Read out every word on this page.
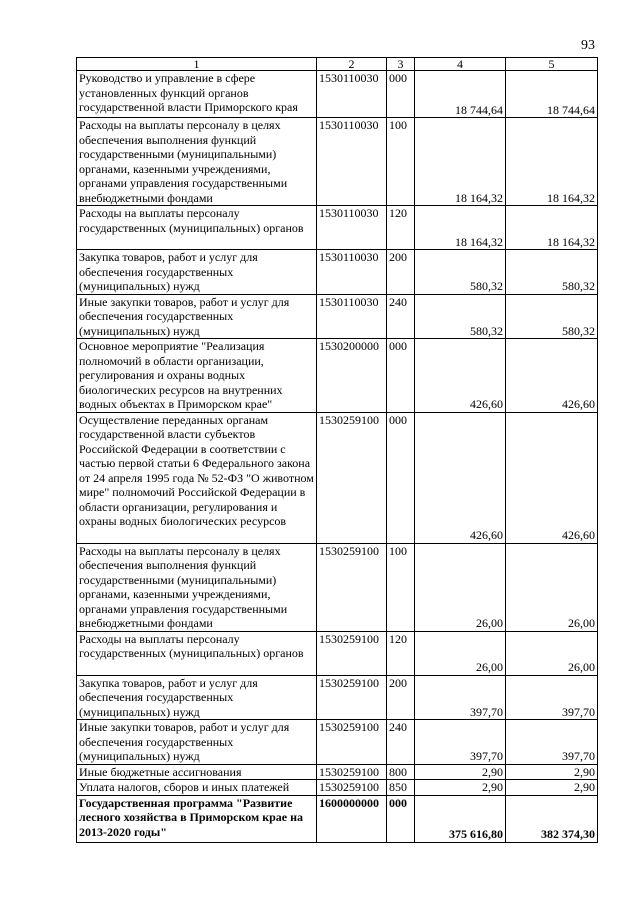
93
1	2	3	4	5
Руководство и управление в сфере установленных функций органов государственной власти Приморского края	1530110030	000	18 744,64	18 744,64
Расходы на выплаты персоналу в целях обеспечения выполнения функций государственными (муниципальными) органами, казенными учреждениями, органами управления государственными внебюджетными фондами	1530110030	100	18 164,32	18 164,32
Расходы на выплаты персоналу государственных (муниципальных) органов	1530110030	120	18 164,32	18 164,32
Закупка товаров, работ и услуг для обеспечения государственных (муниципальных) нужд	1530110030	200	580,32	580,32
Иные закупки товаров, работ и услуг для обеспечения государственных (муниципальных) нужд	1530110030	240	580,32	580,32
Основное мероприятие "Реализация полномочий в области организации, регулирования и охраны водных биологических ресурсов на внутренних водных объектах в Приморском крае"	1530200000	000	426,60	426,60
Осуществление переданных органам государственной власти субъектов Российской Федерации в соответствии с частью первой статьи 6 Федерального закона от 24 апреля 1995 года № 52-ФЗ "О животном мире" полномочий Российской Федерации в области организации, регулирования и охраны водных биологических ресурсов	1530259100	000	426,60	426,60
Расходы на выплаты персоналу в целях обеспечения выполнения функций государственными (муниципальными) органами, казенными учреждениями, органами управления государственными внебюджетными фондами	1530259100	100	26,00	26,00
Расходы на выплаты персоналу государственных (муниципальных) органов	1530259100	120	26,00	26,00
Закупка товаров, работ и услуг для обеспечения государственных (муниципальных) нужд	1530259100	200	397,70	397,70
Иные закупки товаров, работ и услуг для обеспечения государственных (муниципальных) нужд	1530259100	240	397,70	397,70
Иные бюджетные ассигнования	1530259100	800	2,90	2,90
Уплата налогов, сборов и иных платежей	1530259100	850	2,90	2,90
Государственная программа "Развитие лесного хозяйства в Приморском крае на 2013-2020 годы"	1600000000	000	375 616,80	382 374,30
